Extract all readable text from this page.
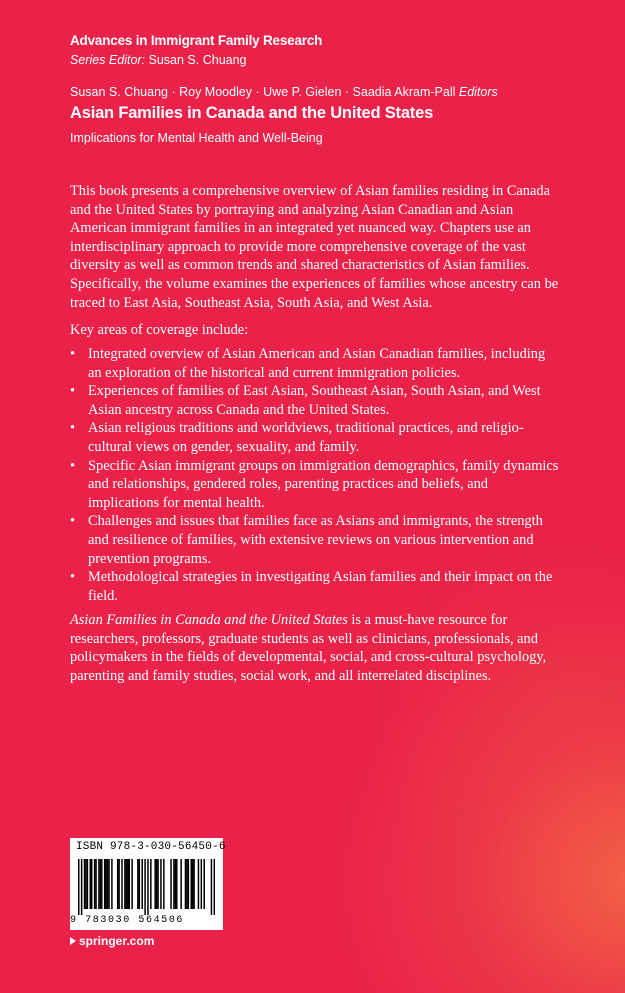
Advances in Immigrant Family Research
Series Editor: Susan S. Chuang
Susan S. Chuang · Roy Moodley · Uwe P. Gielen · Saadia Akram-Pall Editors
Asian Families in Canada and the United States
Implications for Mental Health and Well-Being
This book presents a comprehensive overview of Asian families residing in Canada and the United States by portraying and analyzing Asian Canadian and Asian American immigrant families in an integrated yet nuanced way. Chapters use an interdisciplinary approach to provide more comprehensive coverage of the vast diversity as well as common trends and shared characteristics of Asian families. Specifically, the volume examines the experiences of families whose ancestry can be traced to East Asia, Southeast Asia, South Asia, and West Asia.
Key areas of coverage include:
• Integrated overview of Asian American and Asian Canadian families, including an exploration of the historical and current immigration policies.
• Experiences of families of East Asian, Southeast Asian, South Asian, and West Asian ancestry across Canada and the United States.
• Asian religious traditions and worldviews, traditional practices, and religio-cultural views on gender, sexuality, and family.
• Specific Asian immigrant groups on immigration demographics, family dynamics and relationships, gendered roles, parenting practices and beliefs, and implications for mental health.
• Challenges and issues that families face as Asians and immigrants, the strength and resilience of families, with extensive reviews on various intervention and prevention programs.
• Methodological strategies in investigating Asian families and their impact on the field.
Asian Families in Canada and the United States is a must-have resource for researchers, professors, graduate students as well as clinicians, professionals, and policymakers in the fields of developmental, social, and cross-cultural psychology, parenting and family studies, social work, and all interrelated disciplines.
ISBN 978-3-030-56450-6
9 783030 564506
springer.com
